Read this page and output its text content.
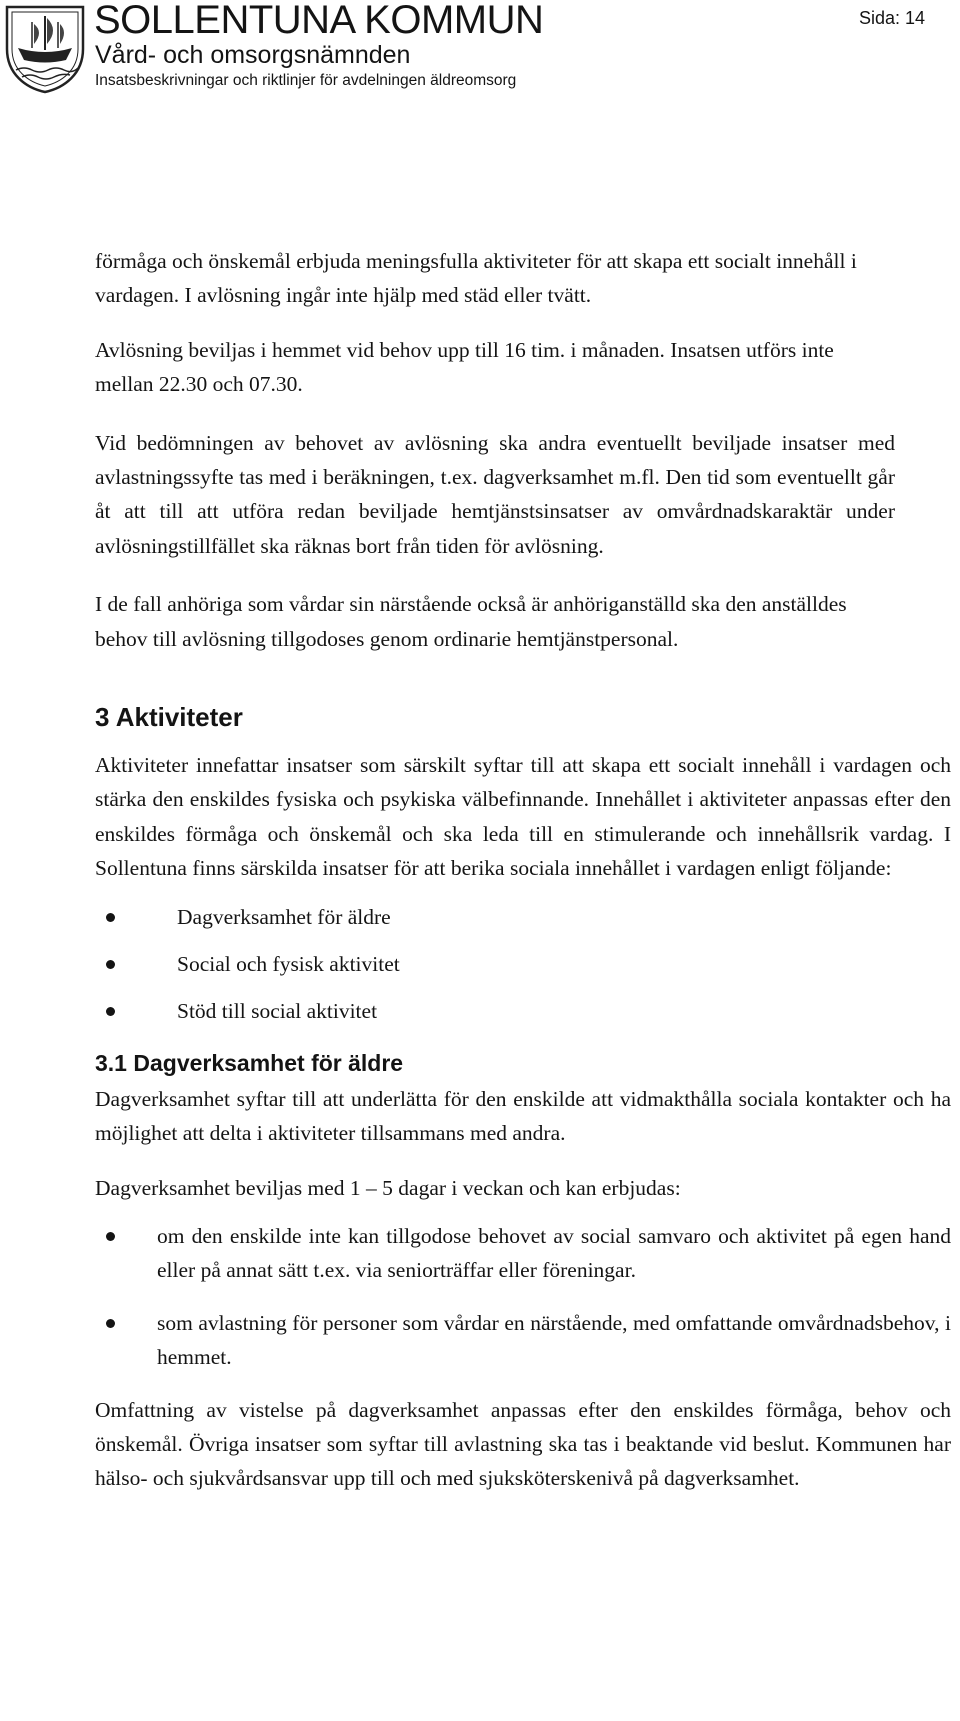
SOLLENTUNA KOMMUN
Vård- och omsorgsnämnden
Insatsbeskrivningar och riktlinjer för avdelningen äldreomsorg
Sida: 14

förmåga och önskemål erbjuda meningsfulla aktiviteter för att skapa ett socialt innehåll i vardagen. I avlösning ingår inte hjälp med städ eller tvätt.

Avlösning beviljas i hemmet vid behov upp till 16 tim. i månaden. Insatsen utförs inte mellan 22.30 och 07.30.

Vid bedömningen av behovet av avlösning ska andra eventuellt beviljade insatser med avlastningssyfte tas med i beräkningen, t.ex. dagverksamhet m.fl. Den tid som eventuellt går åt att till att utföra redan beviljade hemtjänstsinsatser av omvårdnadskaraktär under avlösningstillfället ska räknas bort från tiden för avlösning.

I de fall anhöriga som vårdar sin närstående också är anhöriganställd ska den anställdes behov till avlösning tillgodoses genom ordinarie hemtjänstpersonal.

3 Aktiviteter

Aktiviteter innefattar insatser som särskilt syftar till att skapa ett socialt innehåll i vardagen och stärka den enskildes fysiska och psykiska välbefinnande. Innehållet i aktiviteter anpassas efter den enskildes förmåga och önskemål och ska leda till en stimulerande och innehållsrik vardag. I Sollentuna finns särskilda insatser för att berika sociala innehållet i vardagen enligt följande:

Dagverksamhet för äldre
Social och fysisk aktivitet
Stöd till social aktivitet
3.1 Dagverksamhet för äldre

Dagverksamhet syftar till att underlätta för den enskilde att vidmakthålla sociala kontakter och ha möjlighet att delta i aktiviteter tillsammans med andra.

Dagverksamhet beviljas med 1 – 5 dagar i veckan och kan erbjudas:

om den enskilde inte kan tillgodose behovet av social samvaro och aktivitet på egen hand eller på annat sätt t.ex. via seniorträffar eller föreningar.
som avlastning för personer som vårdar en närstående, med omfattande omvårdnadsbehov, i hemmet.

Omfattning av vistelse på dagverksamhet anpassas efter den enskildes förmåga, behov och önskemål. Övriga insatser som syftar till avlastning ska tas i beaktande vid beslut. Kommunen har hälso- och sjukvårdsansvar upp till och med sjuksköterskenivå på dagverksamhet.
